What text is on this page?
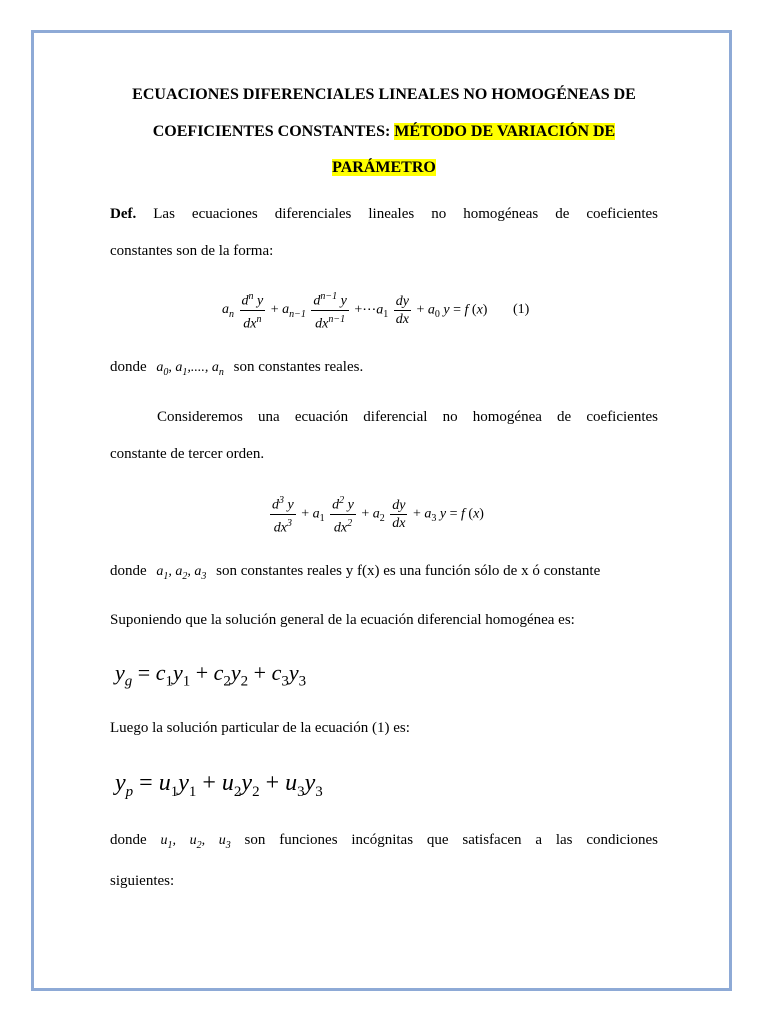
ECUACIONES DIFERENCIALES LINEALES NO HOMOGÉNEAS DE
COEFICIENTES CONSTANTES: MÉTODO DE VARIACIÓN DE
PARÁMETRO
Def. Las ecuaciones diferenciales lineales no homogéneas de coeficientes
constantes son de la forma:
$a_n \frac{d^n y}{dx^n} + a_{n-1} \frac{d^{n-1} y}{dx^{n-1}}$ $+\cdots a_1 \frac{dy}{dx} + a_0$ y = f (x) (1)
donde $a_0$, $a_1$,...., $a_n$ son constantes reales.
Consideremos una ecuación diferencial no homogénea de coeficientes
constante de tercer orden.
$\frac{d^3 y}{dx^3} + a_1 \frac{d^2 y}{dx^2} + a_2 \frac{dy}{dx} + a_3$ y = f (x)
donde $a_1$, $a_2$, $a_3$ son constantes reales y f(x) es una función sólo de x ó constante
Suponiendo que la solución general de la ecuación diferencial homogénea es:
$y_g = c_1y_1 + c_2y_2 + c_3y_3$
Luego la solución particular de la ecuación (1) es:
$y_p = u_1y_1 + u_2y_2 + u_3y_3$
donde $u_1$, $u_2$, $u_3$ son funciones incógnitas que satisfacen a las condiciones
siguientes:
